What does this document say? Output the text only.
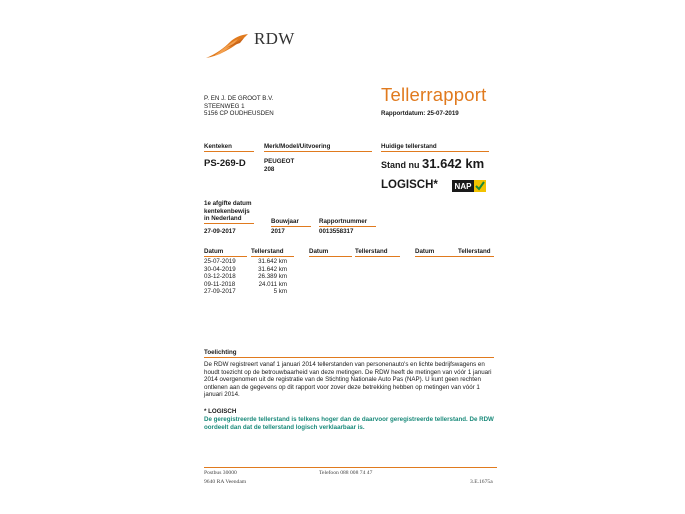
RDW
Tellerrapport
Rapportdatum: 25-07-2019
P. EN J. DE GROOT B.V.
STEENWEG 1
5156 CP OUDHEUSDEN
Kenteken	Merk/Model/Uitvoering	Huidige tellerstand
PS-269-D	PEUGEOT
208	Stand nu 31.642 km
LOGISCH* NAP
1e afgifte datum
kentekenbewijs
in Nederland	Bouwjaar	Rapportnummer
27-09-2017	2017	0013558317
Datum	Tellerstand	Datum	Tellerstand	Datum	Tellerstand
25-07-2019	31.642 km
30-04-2019	31.642 km
03-12-2018	26.389 km
09-11-2018	24.011 km
27-09-2017	5 km
Toelichting
De RDW registreert vanaf 1 januari 2014 tellerstanden van personenauto's en lichte bedrijfswagens en houdt toezicht op de betrouwbaarheid van deze metingen. De RDW heeft de metingen van vóór 1 januari 2014 overgenomen uit de registratie van de Stichting Nationale Auto Pas (NAP). U kunt geen rechten ontlenen aan de gegevens op dit rapport voor zover deze betrekking hebben op metingen van vóór 1 januari 2014.
* LOGISCH
De geregistreerde tellerstand is telkens hoger dan de daarvoor geregistreerde tellerstand. De RDW oordeelt dan dat de tellerstand logisch verklaarbaar is.
Postbus 30000	Telefoon 088 008 74 47
9640 RA Veendam	3.E.1675a
